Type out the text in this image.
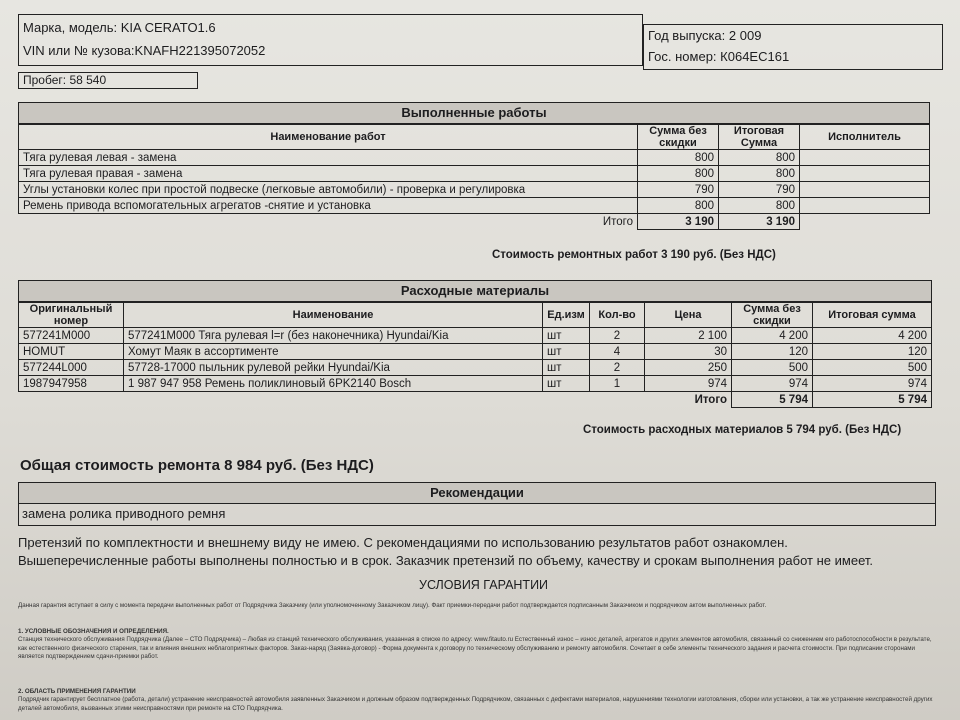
Марка, модель: KIA CERATO1.6
VIN или № кузова:KNAFH221395072052
Год выпуска: 2 009
Гос. номер: К064ЕС161
Пробег: 58 540
Выполненные работы
Наименование работ	Сумма без скидки	Итоговая Сумма	Исполнитель
Тяга рулевая левая - замена	800	800	
Тяга рулевая правая - замена	800	800	
Углы установки колес при простой подвеске (легковые автомобили) - проверка и регулировка	790	790	
Ремень привода вспомогательных агрегатов -снятие и установка	800	800	
Итого	3 190	3 190	
Стоимость ремонтных работ 3 190 руб. (Без НДС)
Расходные материалы
Оригинальный номер	Наименование	Ед.изм	Кол-во	Цена	Сумма без скидки	Итоговая сумма
577241M000	577241M000 Тяга рулевая l=r (без наконечника) Hyundai/Kia	шт	2	2 100	4 200	4 200
HOMUT	Хомут Маяк в ассортименте	шт	4	30	120	120
577244L000	57728-17000 пыльник рулевой рейки Hyundai/Kia	шт	2	250	500	500
1987947958	1 987 947 958 Ремень поликлиновый 6PK2140 Bosch	шт	1	974	974	974
				Итого	5 794	5 794
Стоимость расходных материалов 5 794 руб. (Без НДС)
Общая стоимость ремонта 8 984 руб. (Без НДС)
Рекомендации
замена ролика приводного ремня
Претензий по комплектности и внешнему виду не имею. С рекомендациями по использованию результатов работ ознакомлен.
Вышеперечисленные работы выполнены полностью и в срок. Заказчик претензий по объему, качеству и срокам выполнения работ не имеет.
УСЛОВИЯ ГАРАНТИИ
Данная гарантия вступает в силу с момента передачи выполненных работ от Подрядчика Заказчику (или уполномоченному Заказчиком лицу). Факт приемки-передачи работ подтверждается подписанным Заказчиком и подрядчиком актом выполненных работ.
1. УСЛОВНЫЕ ОБОЗНАЧЕНИЯ И ОПРЕДЕЛЕНИЯ.
Станция технического обслуживания Подрядчика (Далее – СТО Подрядчика) – Любая из станций технического обслуживания, указанная в списке по адресу: www.fitauto.ru Естественный износ – износ деталей, агрегатов и других элементов автомобиля, связанный со снижением его работоспособности в результате, как естественного физического старения, так и влияния внешних неблагоприятных факторов. Заказ-наряд (Заявка-договор) - Форма документа к договору по техническому обслуживанию и ремонту автомобиля. Сочетает в себе элементы технического задания и расчета стоимости. При подписании сторонами является подтверждением сдачи-приемки работ.
2. ОБЛАСТЬ ПРИМЕНЕНИЯ ГАРАНТИИ
Подрядчик гарантирует бесплатное (работа, детали) устранение неисправностей автомобиля заявленных Заказчиком и должным образом подтвержденных Подрядчиком, связанных с дефектами материалов, нарушениями технологии изготовления, сборки или установки, а так же устранение неисправностей других деталей автомобиля, вызванных этими неисправностями при ремонте на СТО Подрядчика.
